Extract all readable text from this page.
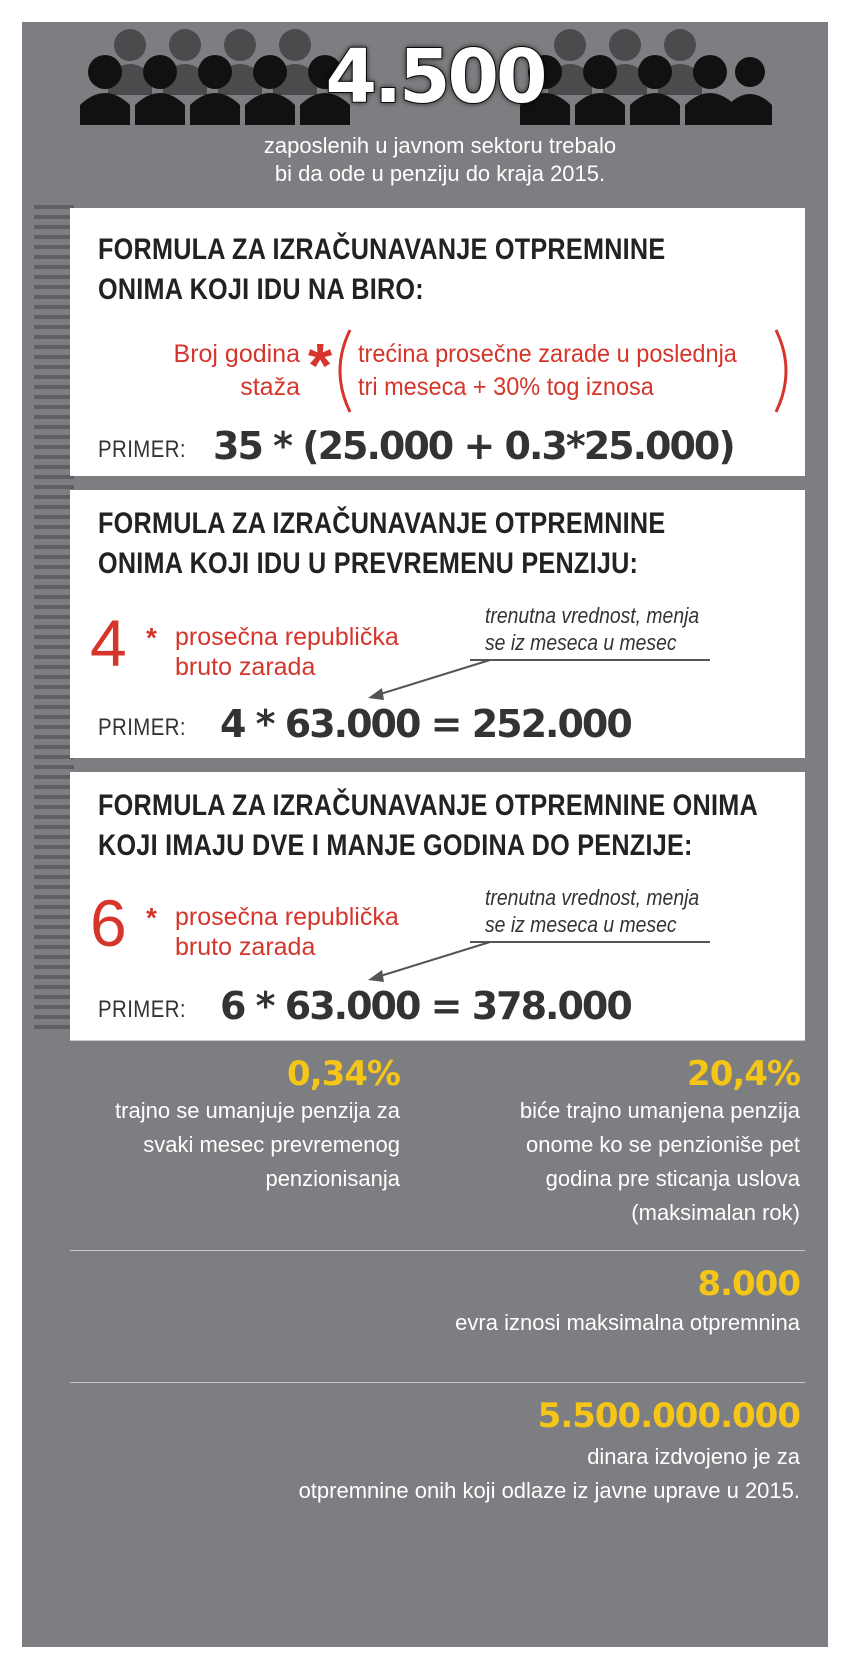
4.500
zaposlenih u javnom sektoru trebalo
bi da ode u penziju do kraja 2015.
FORMULA ZA IZRAČUNAVANJE OTPREMNINE
ONIMA KOJI IDU NA BIRO:
Broj godina
staža * trećina prosečne zarade u poslednja
tri meseca + 30% tog iznosa
PRIMER: 35 * (25.000 + 0.3*25.000)
FORMULA ZA IZRAČUNAVANJE OTPREMNINE
ONIMA KOJI IDU U PREVREMENU PENZIJU:
4 * prosečna republička
bruto zarada
trenutna vrednost, menja
se iz meseca u mesec
PRIMER: 4 * 63.000 = 252.000
FORMULA ZA IZRAČUNAVANJE OTPREMNINE ONIMA
KOJI IMAJU DVE I MANJE GODINA DO PENZIJE:
6 * prosečna republička
bruto zarada
trenutna vrednost, menja
se iz meseca u mesec
PRIMER: 6 * 63.000 = 378.000
0,34%
trajno se umanjuje penzija za
svaki mesec prevremenog
penzionisanja
20,4%
biće trajno umanjena penzija
onome ko se penzioniše pet
godina pre sticanja uslova
(maksimalan rok)
8.000
evra iznosi maksimalna otpremnina
5.500.000.000
dinara izdvojeno je za
otpremnine onih koji odlaze iz javne uprave u 2015.
